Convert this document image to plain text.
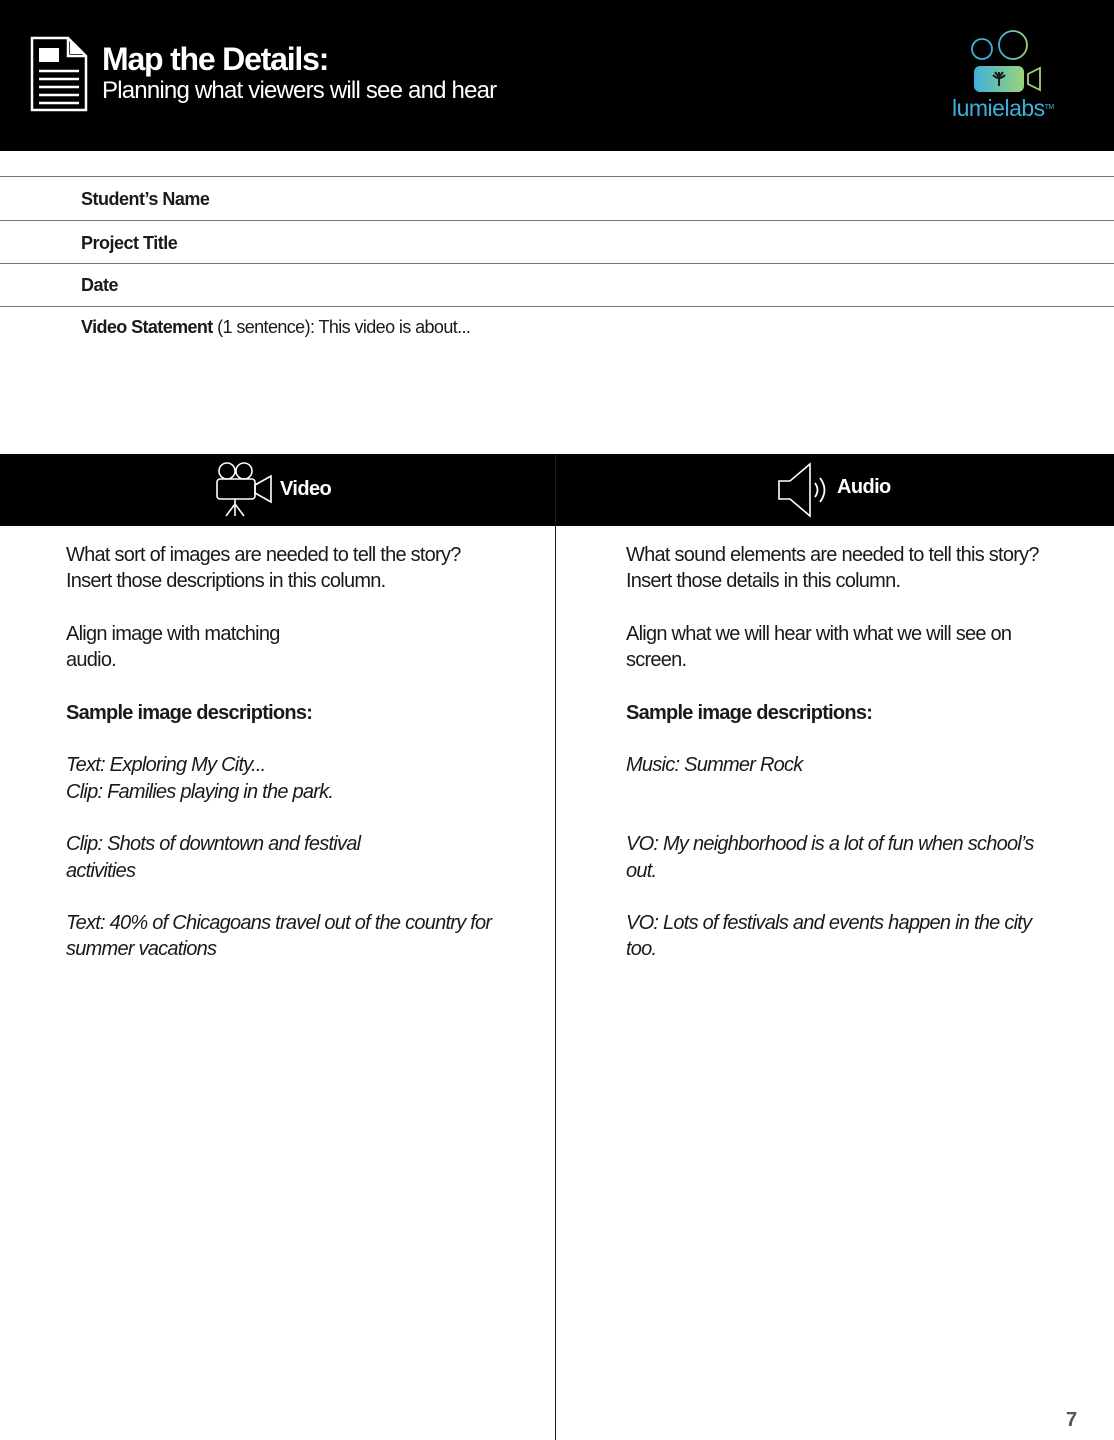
Map the Details:
Planning what viewers will see and hear
lumielabs™
Student’s Name
Project Title
Date
Video Statement (1 sentence): This video is about...
Video	Audio

What sort of images are needed to tell the story? Insert those descriptions in this column.

Align image with matching
audio.

Sample image descriptions:

Text: Exploring My City...
Clip: Families playing in the park.

Clip: Shots of downtown and festival
activities

Text: 40% of Chicagoans travel out of the country for summer vacations

What sound elements are needed to tell this story? Insert those details in this column.

Align what we will hear with what we will see on screen.

Sample image descriptions:

Music: Summer Rock

VO: My neighborhood is a lot of fun when school’s out.

VO: Lots of festivals and events happen in the city too.

7
